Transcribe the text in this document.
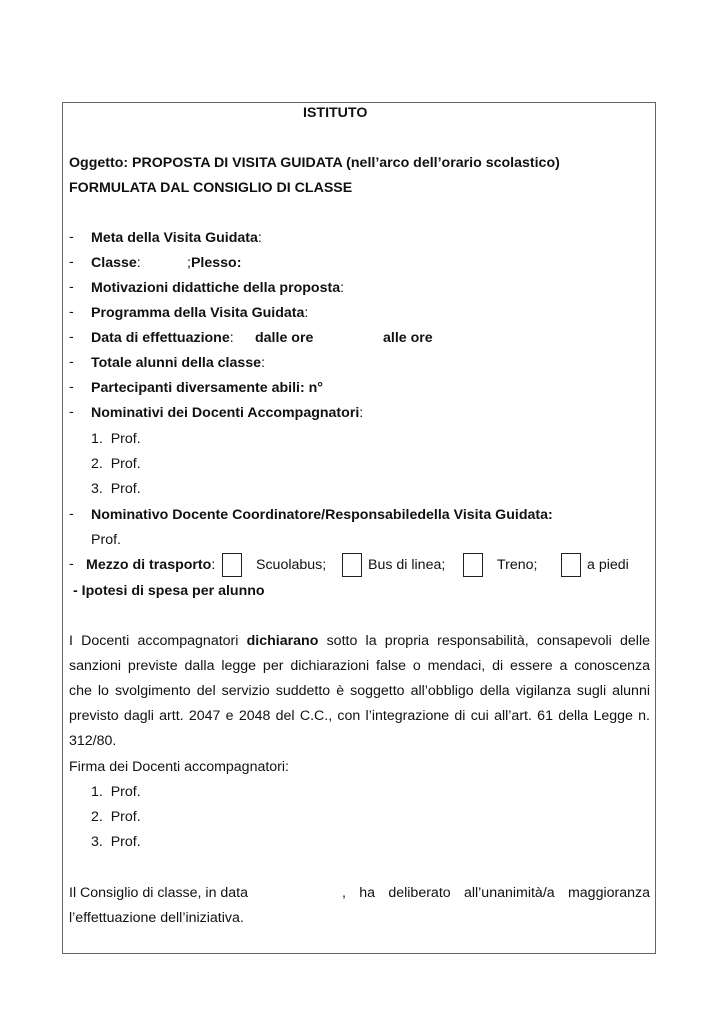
ISTITUTO
Oggetto: PROPOSTA DI VISITA GUIDATA (nell’arco dell’orario scolastico)
FORMULATA DAL CONSIGLIO DI CLASSE
- Meta della Visita Guidata:
- Classe:	;Plesso:
- Motivazioni didattiche della proposta:
- Programma della Visita Guidata:
- Data di effettuazione: dalle ore	alle ore
- Totale alunni della classe:
- Partecipanti diversamente abili: n°
- Nominativi dei Docenti Accompagnatori:
1.  Prof.
2.  Prof.
3.  Prof.
- Nominativo Docente Coordinatore/Responsabiledella Visita Guidata:
Prof.
- Mezzo di trasporto:	Scuolabus;	Bus di linea;	Treno;	a piedi
- Ipotesi di spesa per alunno
I Docenti accompagnatori dichiarano sotto la propria responsabilità, consapevoli delle
sanzioni previste dalla legge per dichiarazioni false o mendaci, di essere a conoscenza
che lo svolgimento del servizio suddetto è soggetto all’obbligo della vigilanza sugli alunni
previsto dagli artt. 2047 e 2048 del C.C., con l’integrazione di cui all’art. 61 della Legge n.
312/80.
Firma dei Docenti accompagnatori:
1.  Prof.
2.  Prof.
3.  Prof.
Il Consiglio di classe, in data	, ha deliberato all’unanimità/a maggioranza
l’effettuazione dell’iniziativa.
